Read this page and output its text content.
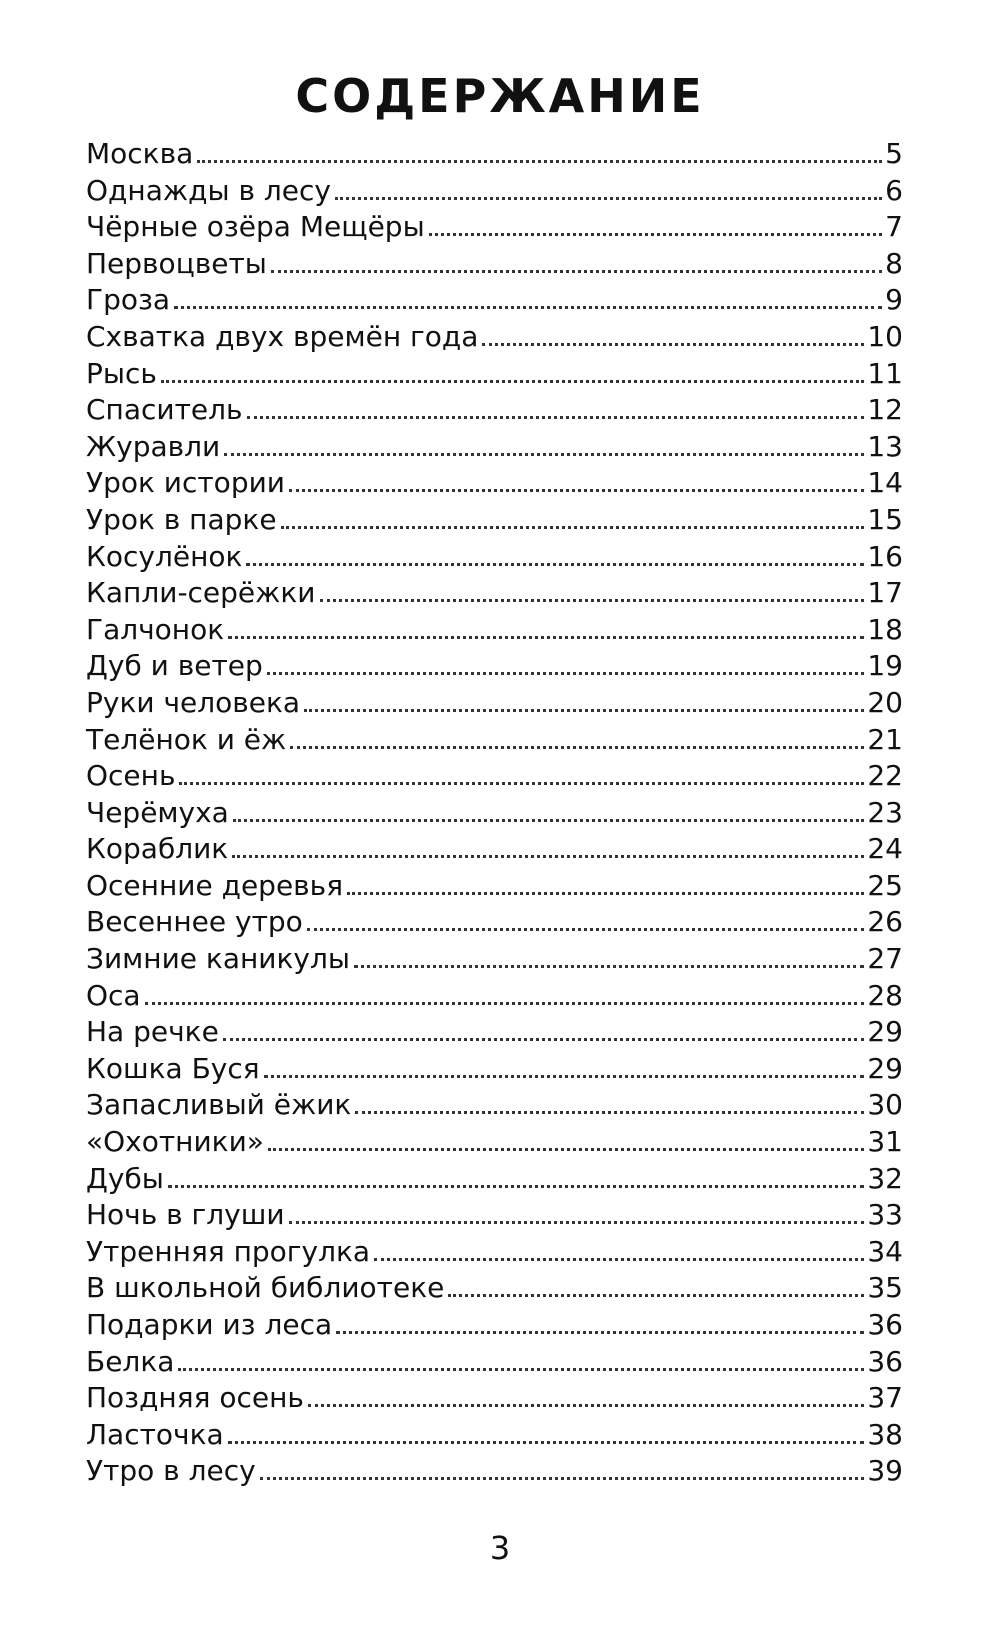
СОДЕРЖАНИЕ
Москва	5
Однажды в лесу	6
Чёрные озёра Мещёры	7
Первоцветы	8
Гроза	9
Схватка двух времён года	10
Рысь	11
Спаситель	12
Журавли	13
Урок истории	14
Урок в парке	15
Косулёнок	16
Капли-серёжки	17
Галчонок	18
Дуб и ветер	19
Руки человека	20
Телёнок и ёж	21
Осень	22
Черёмуха	23
Кораблик	24
Осенние деревья	25
Весеннее утро	26
Зимние каникулы	27
Оса	28
На речке	29
Кошка Буся	29
Запасливый ёжик	30
«Охотники»	31
Дубы	32
Ночь в глуши	33
Утренняя прогулка	34
В школьной библиотеке	35
Подарки из леса	36
Белка	36
Поздняя осень	37
Ласточка	38
Утро в лесу	39
3
